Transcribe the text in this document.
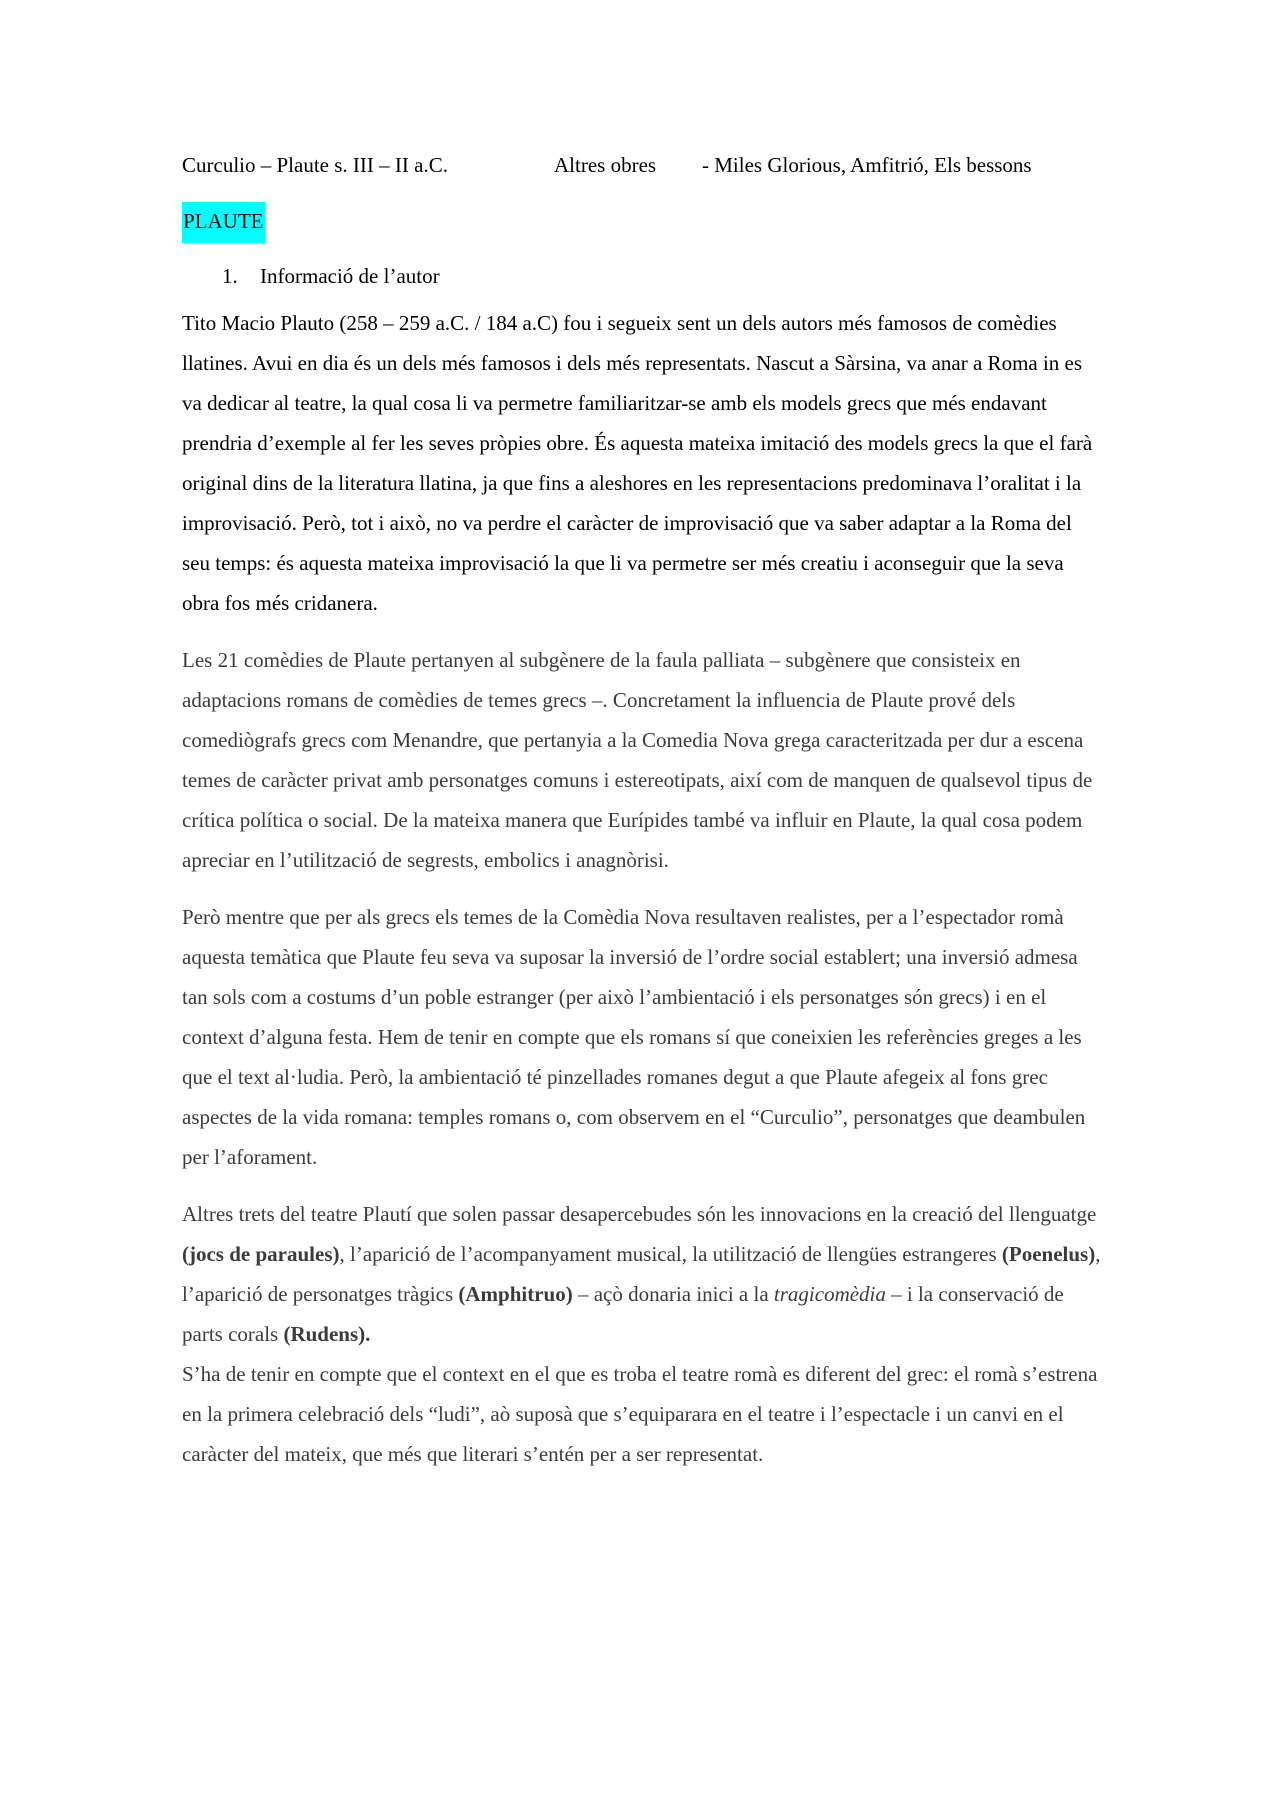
Curculio – Plaute s. III – II a.C.	Altres obres	- Miles Glorious, Amfitrió, Els bessons
PLAUTE
1.	Informació de l’autor

Tito Macio Plauto (258 – 259 a.C. / 184 a.C) fou i segueix sent un dels autors més famosos de comèdies llatines. Avui en dia és un dels més famosos i dels més representats. Nascut a Sàrsina, va anar a Roma in es va dedicar al teatre, la qual cosa li va permetre familiaritzar-se amb els models grecs que més endavant prendria d’exemple al fer les seves pròpies obre. És aquesta mateixa imitació des models grecs la que el farà original dins de la literatura llatina, ja que fins a aleshores en les representacions predominava l’oralitat i la improvisació. Però, tot i això, no va perdre el caràcter de improvisació que va saber adaptar a la Roma del seu temps: és aquesta mateixa improvisació la que li va permetre ser més creatiu i aconseguir que la seva obra fos més cridanera.

Les 21 comèdies de Plaute pertanyen al subgènere de la faula palliata – subgènere que consisteix en adaptacions romans de comèdies de temes grecs –. Concretament la influencia de Plaute prové dels comediògrafs grecs com Menandre, que pertanyia a la Comedia Nova grega caracteritzada per dur a escena temes de caràcter privat amb personatges comuns i estereotipats, així com de manquen de qualsevol tipus de crítica política o social. De la mateixa manera que Eurípides també va influir en Plaute, la qual cosa podem apreciar en l’utilització de segrests, embolics i anagnòrisi.

Però mentre que per als grecs els temes de la Comèdia Nova resultaven realistes, per a l’espectador romà aquesta temàtica que Plaute feu seva va suposar la inversió de l’ordre social establert; una inversió admesa tan sols com a costums d’un poble estranger (per això l’ambientació i els personatges són grecs) i en el context d’alguna festa. Hem de tenir en compte que els romans sí que coneixien les referències greges a les que el text al·ludia. Però, la ambientació té pinzellades romanes degut a que Plaute afegeix al fons grec aspectes de la vida romana: temples romans o, com observem en el “Curculio”, personatges que deambulen per l’aforament.

Altres trets del teatre Plautí que solen passar desapercebudes són les innovacions en la creació del llenguatge (jocs de paraules), l’aparició de l’acompanyament musical, la utilització de llengües estrangeres (Poenelus), l’aparició de personatges tràgics (Amphitruo) – açò donaria inici a la tragicomèdia – i la conservació de parts corals (Rudens).

S’ha de tenir en compte que el context en el que es troba el teatre romà es diferent del grec: el romà s’estrena en la primera celebració dels “ludi”, aò suposà que s’equiparara en el teatre i l’espectacle i un canvi en el caràcter del mateix, que més que literari s’entén per a ser representat.
